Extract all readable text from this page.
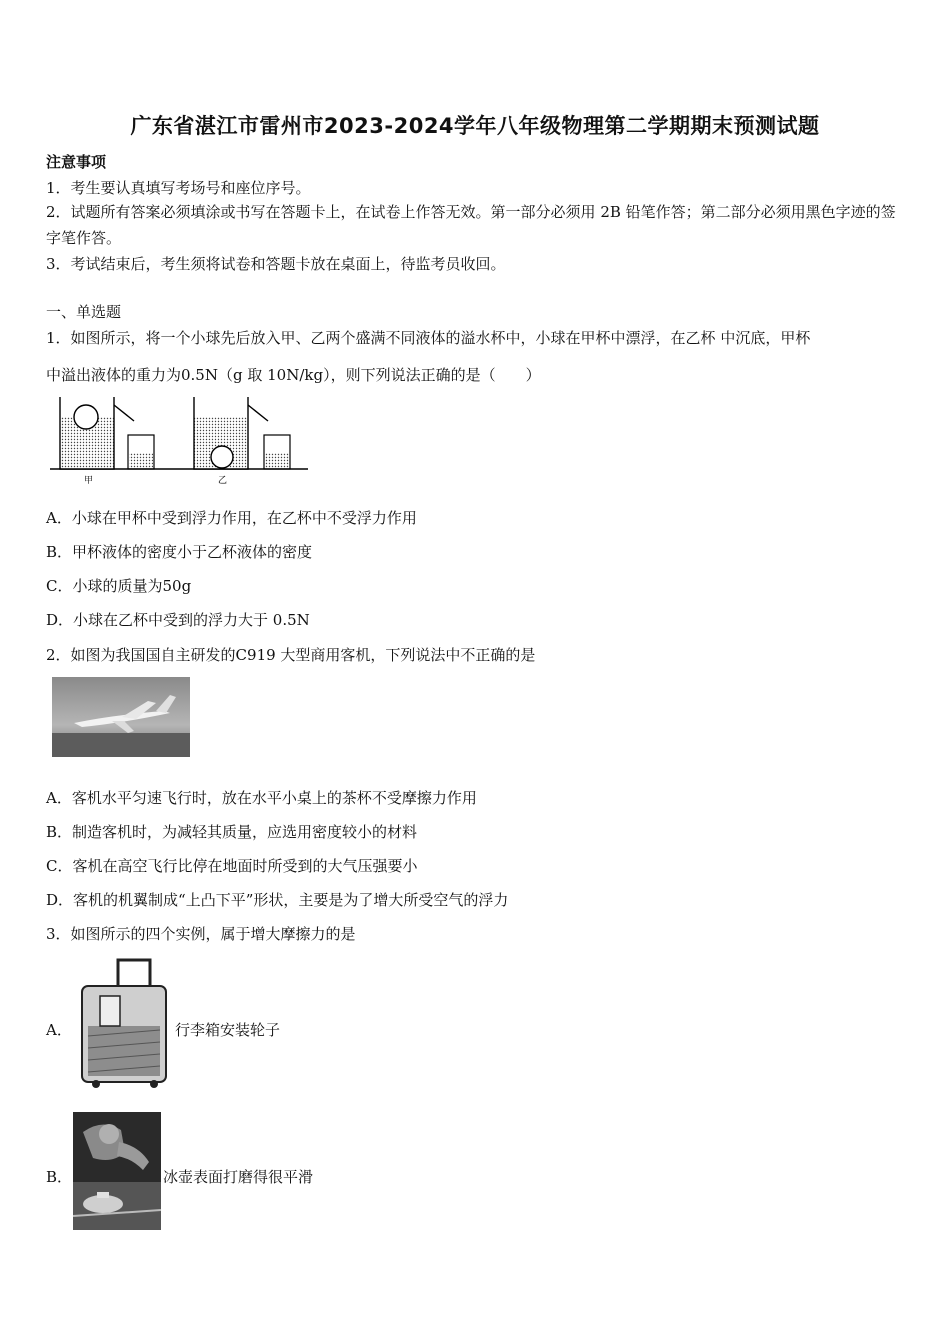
广东省湛江市雷州市2023-2024学年八年级物理第二学期期末预测试题
注意事项
1．考生要认真填写考场号和座位序号。
2．试题所有答案必须填涂或书写在答题卡上，在试卷上作答无效。第一部分必须用 2B 铅笔作答；第二部分必须用黑色字迹的签字笔作答。
3．考试结束后，考生须将试卷和答题卡放在桌面上，待监考员收回。
一、单选题
1．如图所示，将一个小球先后放入甲、乙两个盛满不同液体的溢水杯中，小球在甲杯中漂浮，在乙杯 中沉底，甲杯
中溢出液体的重力为0.5N（g 取 10N/kg），则下列说法正确的是（　　）
甲	乙
A．小球在甲杯中受到浮力作用，在乙杯中不受浮力作用
B．甲杯液体的密度小于乙杯液体的密度
C．小球的质量为50g
D．小球在乙杯中受到的浮力大于 0.5N
2．如图为我国国自主研发的C919 大型商用客机，下列说法中不正确的是
A．客机水平匀速飞行时，放在水平小桌上的茶杯不受摩擦力作用
B．制造客机时，为减轻其质量，应选用密度较小的材料
C．客机在高空飞行比停在地面时所受到的大气压强要小
D．客机的机翼制成“上凸下平”形状，主要是为了增大所受空气的浮力
3．如图所示的四个实例，属于增大摩擦力的是
A．	行李箱安装轮子
B．	冰壶表面打磨得很平滑
